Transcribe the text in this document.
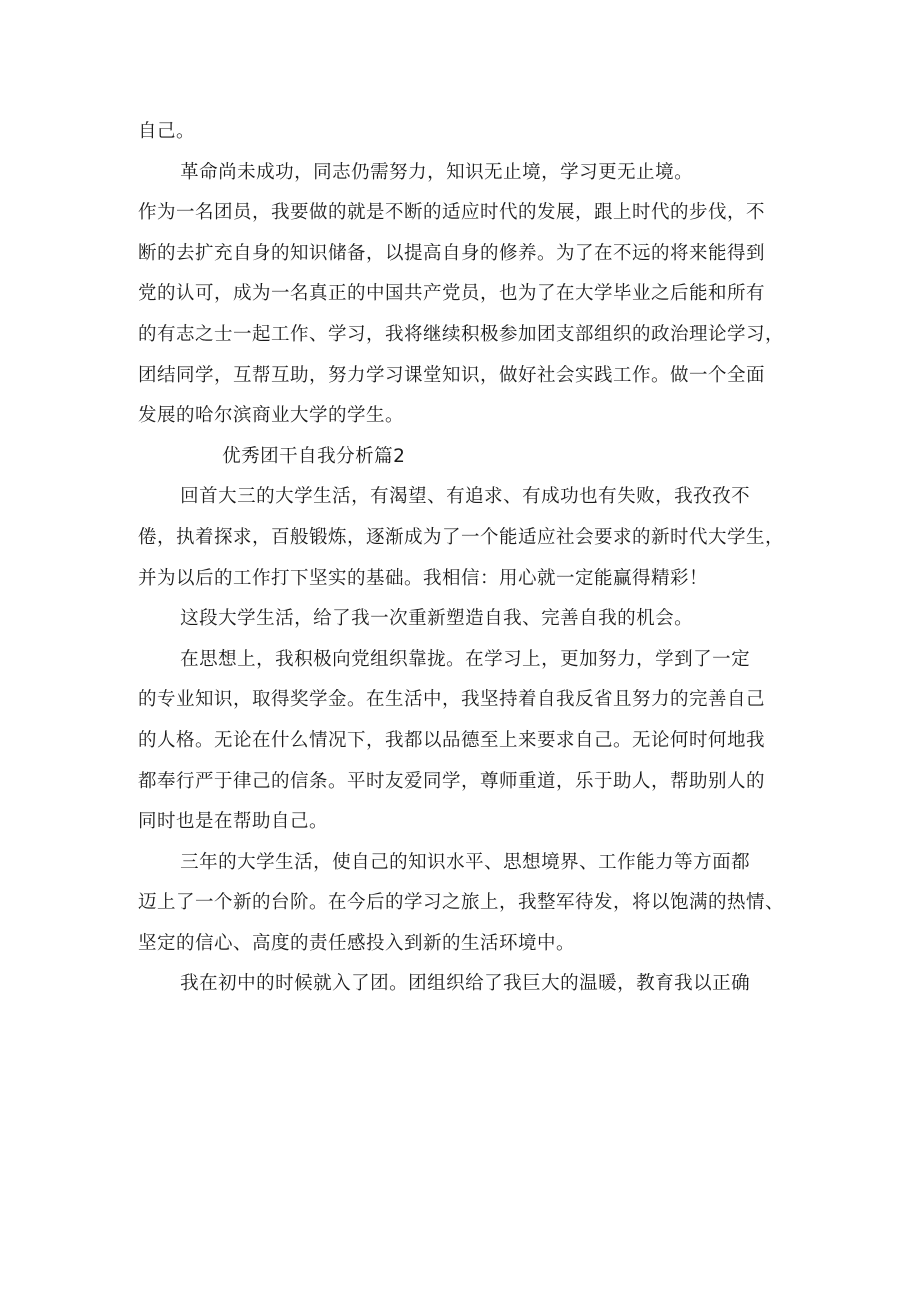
自己。

革命尚未成功，同志仍需努力，知识无止境，学习更无止境。

作为一名团员，我要做的就是不断的适应时代的发展，跟上时代的步伐，不
断的去扩充自身的知识储备，以提高自身的修养。为了在不远的将来能得到
党的认可，成为一名真正的中国共产党员，也为了在大学毕业之后能和所有
的有志之士一起工作、学习，我将继续积极参加团支部组织的政治理论学习，
团结同学，互帮互助，努力学习课堂知识，做好社会实践工作。做一个全面
发展的哈尔滨商业大学的学生。

优秀团干自我分析篇2

回首大三的大学生活，有渴望、有追求、有成功也有失败，我孜孜不
倦，执着探求，百般锻炼，逐渐成为了一个能适应社会要求的新时代大学生，
并为以后的工作打下坚实的基础。我相信：用心就一定能赢得精彩！

这段大学生活，给了我一次重新塑造自我、完善自我的机会。

在思想上，我积极向党组织靠拢。在学习上，更加努力，学到了一定
的专业知识，取得奖学金。在生活中，我坚持着自我反省且努力的完善自己
的人格。无论在什么情况下，我都以品德至上来要求自己。无论何时何地我
都奉行严于律己的信条。平时友爱同学，尊师重道，乐于助人，帮助别人的
同时也是在帮助自己。

三年的大学生活，使自己的知识水平、思想境界、工作能力等方面都
迈上了一个新的台阶。在今后的学习之旅上，我整军待发，将以饱满的热情、
坚定的信心、高度的责任感投入到新的生活环境中。

我在初中的时候就入了团。团组织给了我巨大的温暖，教育我以正确
